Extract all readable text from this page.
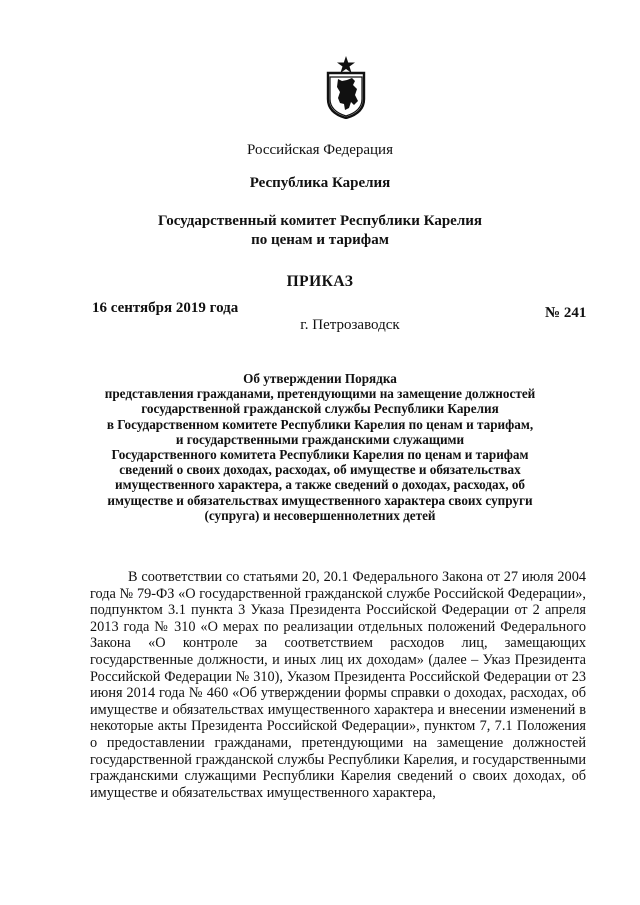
Российская Федерация
Республика Карелия
Государственный комитет Республики Карелия
по ценам и тарифам
ПРИКАЗ
16 сентября 2019 года	№ 241
г. Петрозаводск
Об утверждении Порядка
представления гражданами, претендующими на замещение должностей
государственной гражданской службы Республики Карелия
в Государственном комитете Республики Карелия по ценам и тарифам,
и государственными гражданскими служащими
Государственного комитета Республики Карелия по ценам и тарифам
сведений о своих доходах, расходах, об имуществе и обязательствах
имущественного характера, а также сведений о доходах, расходах, об
имуществе и обязательствах имущественного характера своих супруги
(супруга) и несовершеннолетних детей

В соответствии со статьями 20, 20.1 Федерального Закона от 27 июля 2004 года № 79-ФЗ «О государственной гражданской службе Российской Федерации», подпунктом 3.1 пункта 3 Указа Президента Российской Федерации от 2 апреля 2013 года № 310 «О мерах по реализации отдельных положений Федерального Закона «О контроле за соответствием расходов лиц, замещающих государственные должности, и иных лиц их доходам» (далее – Указ Президента Российской Федерации № 310), Указом Президента Российской Федерации от 23 июня 2014 года № 460 «Об утверждении формы справки о доходах, расходах, об имуществе и обязательствах имущественного характера и внесении изменений в некоторые акты Президента Российской Федерации», пунктом 7, 7.1 Положения о предоставлении гражданами, претендующими на замещение должностей государственной гражданской службы Республики Карелия, и государственными гражданскими служащими Республики Карелия сведений о своих доходах, об имуществе и обязательствах имущественного характера,
